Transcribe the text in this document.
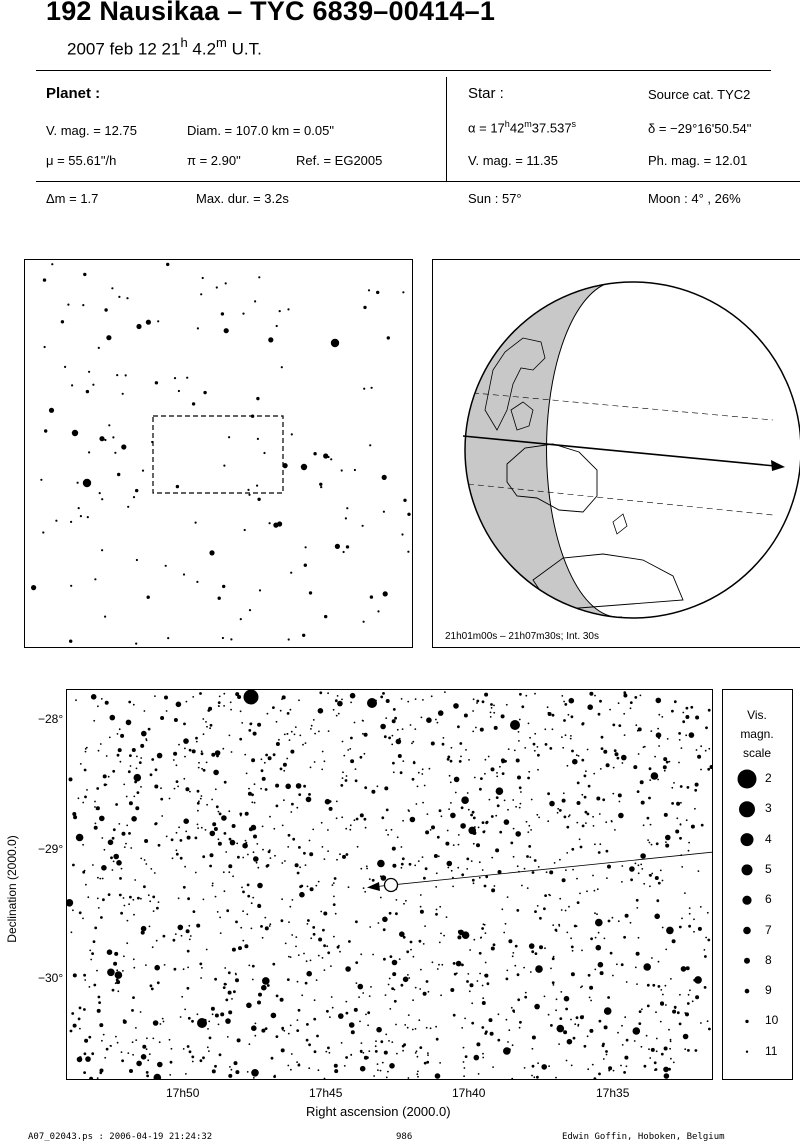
192 Nausikaa – TYC 6839–00414–1
2007 feb 12 21$^h$ 4.2$^m$ U.T.
Planet :
V. mag. = 12.75	Diam. = 107.0 km = 0.05"
μ = 55.61"/h	π = 2.90"	Ref. = EG2005
Star :	Source cat. TYC2
$\alpha = 17^h42^m37.537^s$	δ = −29°16'50.54"
V. mag. = 11.35	Ph. mag. = 12.01
Δm = 1.7	Max. dur. = 3.2s	Sun : 57°	Moon : 4° , 26%
21h01m00s – 21h07m30s; Int. 30s
−28°
−29°
−30°
Declination (2000.0)
17h50	17h45	17h40	17h35
Right ascension (2000.0)
Vis.
magn.
scale
2
3
4
5
6
7
8
9
10
11
A07_02043.ps : 2006-04-19 21:24:32	986	Edwin Goffin, Hoboken, Belgium
